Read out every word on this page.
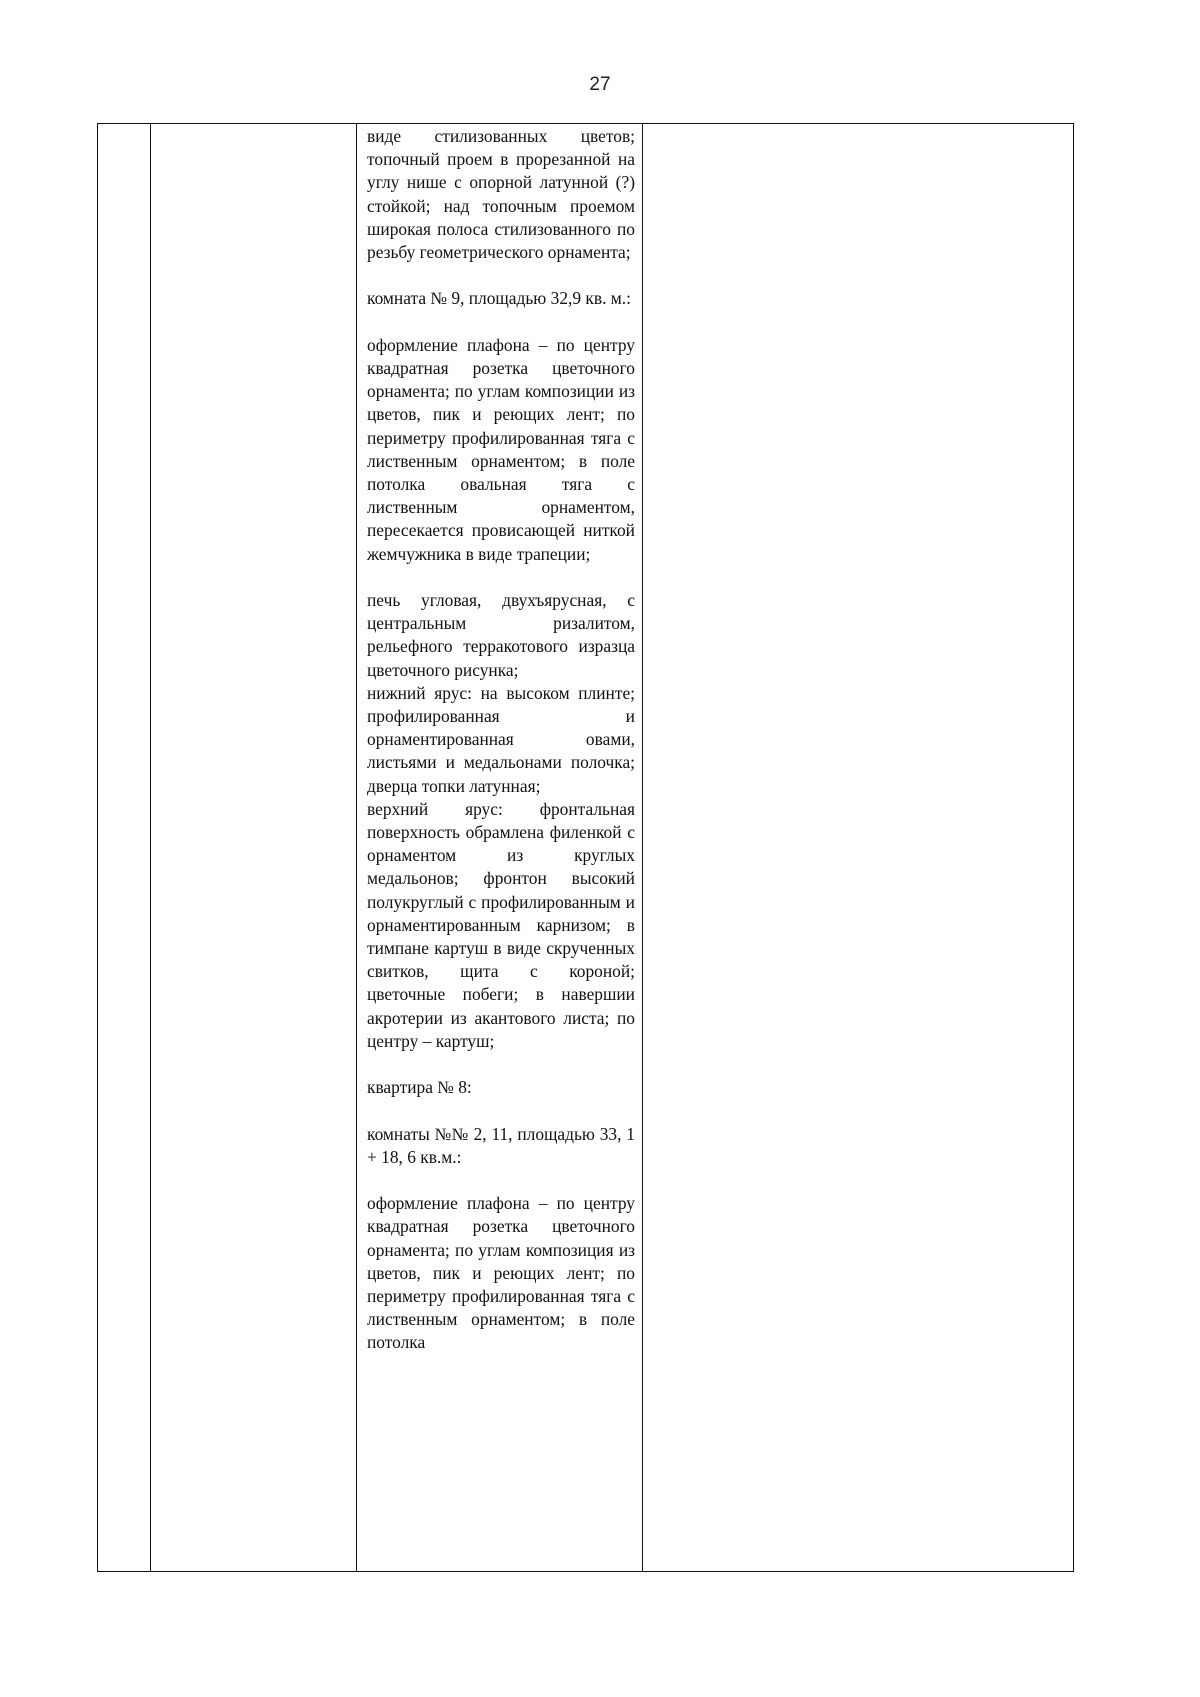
27

виде стилизованных цветов; топочный проем в прорезанной на углу нише с опорной латунной (?) стойкой; над топочным проемом широкая полоса стилизованного по резьбу геометрического орнамента;

комната № 9, площадью 32,9 кв. м.:

оформление плафона – по центру квадратная розетка цветочного орнамента; по углам композиции из цветов, пик и реющих лент; по периметру профилированная тяга с лиственным орнаментом; в поле потолка овальная тяга с лиственным орнаментом, пересекается провисающей ниткой жемчужника в виде трапеции;

печь угловая, двухъярусная, с центральным ризалитом, рельефного терракотового изразца цветочного рисунка;

нижний ярус: на высоком плинте; профилированная и орнаментированная овами, листьями и медальонами полочка; дверца топки латунная;

верхний ярус: фронтальная поверхность обрамлена филенкой с орнаментом из круглых медальонов; фронтон высокий полукруглый с профилированным и орнаментированным карнизом; в тимпане картуш в виде скрученных свитков, щита с короной; цветочные побеги; в навершии акротерии из акантового листа; по центру – картуш;

квартира № 8:

комнаты №№ 2, 11, площадью 33, 1 + 18, 6 кв.м.:

оформление плафона – по центру квадратная розетка цветочного орнамента; по углам композиция из цветов, пик и реющих лент; по периметру профилированная тяга с лиственным орнаментом; в поле потолка
